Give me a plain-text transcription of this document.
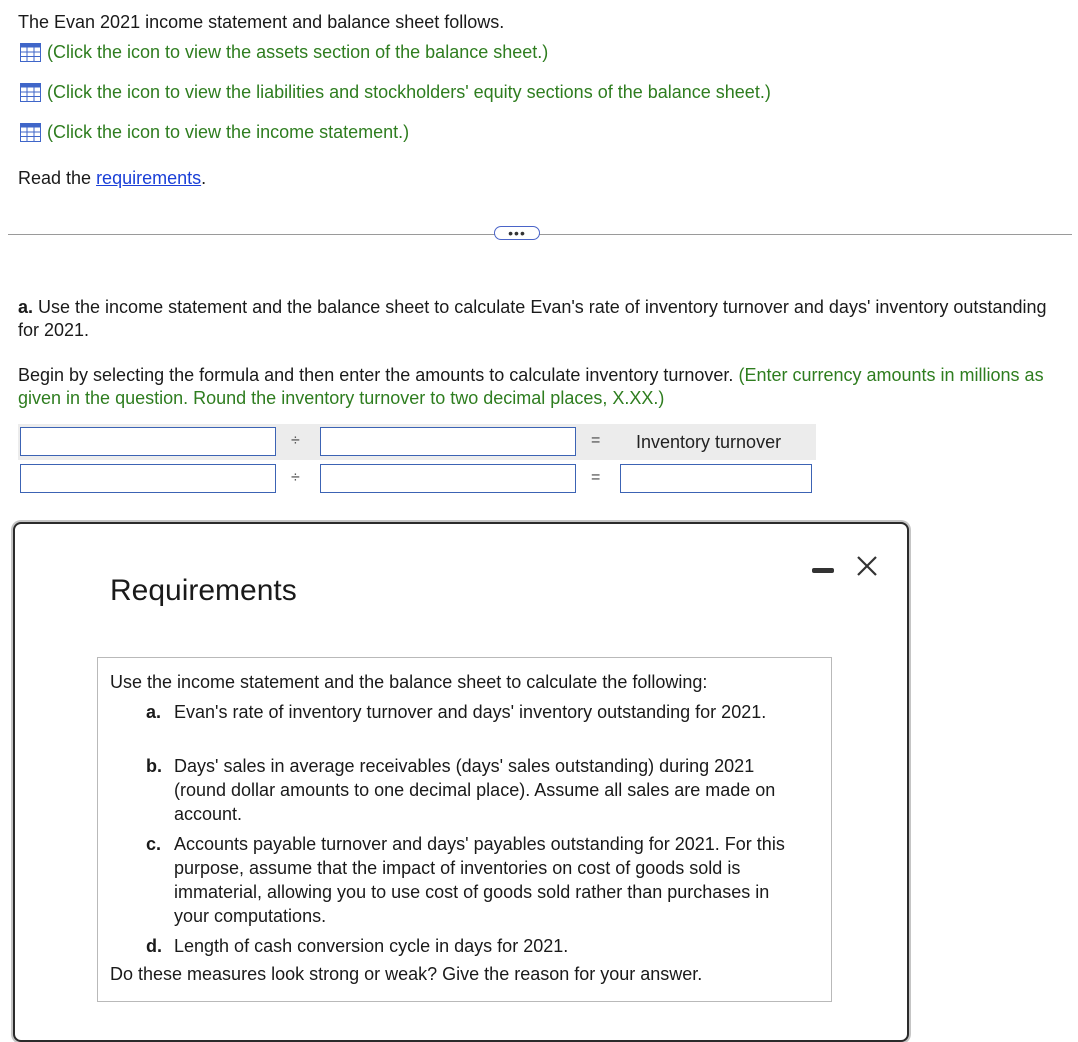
The Evan 2021 income statement and balance sheet follows.
(Click the icon to view the assets section of the balance sheet.)
(Click the icon to view the liabilities and stockholders' equity sections of the balance sheet.)
(Click the icon to view the income statement.)
Read the requirements.
•••
a. Use the income statement and the balance sheet to calculate Evan's rate of inventory turnover and days' inventory outstanding for 2021.
Begin by selecting the formula and then enter the amounts to calculate inventory turnover. (Enter currency amounts in millions as given in the question. Round the inventory turnover to two decimal places, X.XX.)
÷	= Inventory turnover
÷	=
Requirements
Use the income statement and the balance sheet to calculate the following:
a. Evan's rate of inventory turnover and days' inventory outstanding for 2021.
b. Days' sales in average receivables (days' sales outstanding) during 2021 (round dollar amounts to one decimal place). Assume all sales are made on account.
c. Accounts payable turnover and days' payables outstanding for 2021. For this purpose, assume that the impact of inventories on cost of goods sold is immaterial, allowing you to use cost of goods sold rather than purchases in your computations.
d. Length of cash conversion cycle in days for 2021.
Do these measures look strong or weak? Give the reason for your answer.
